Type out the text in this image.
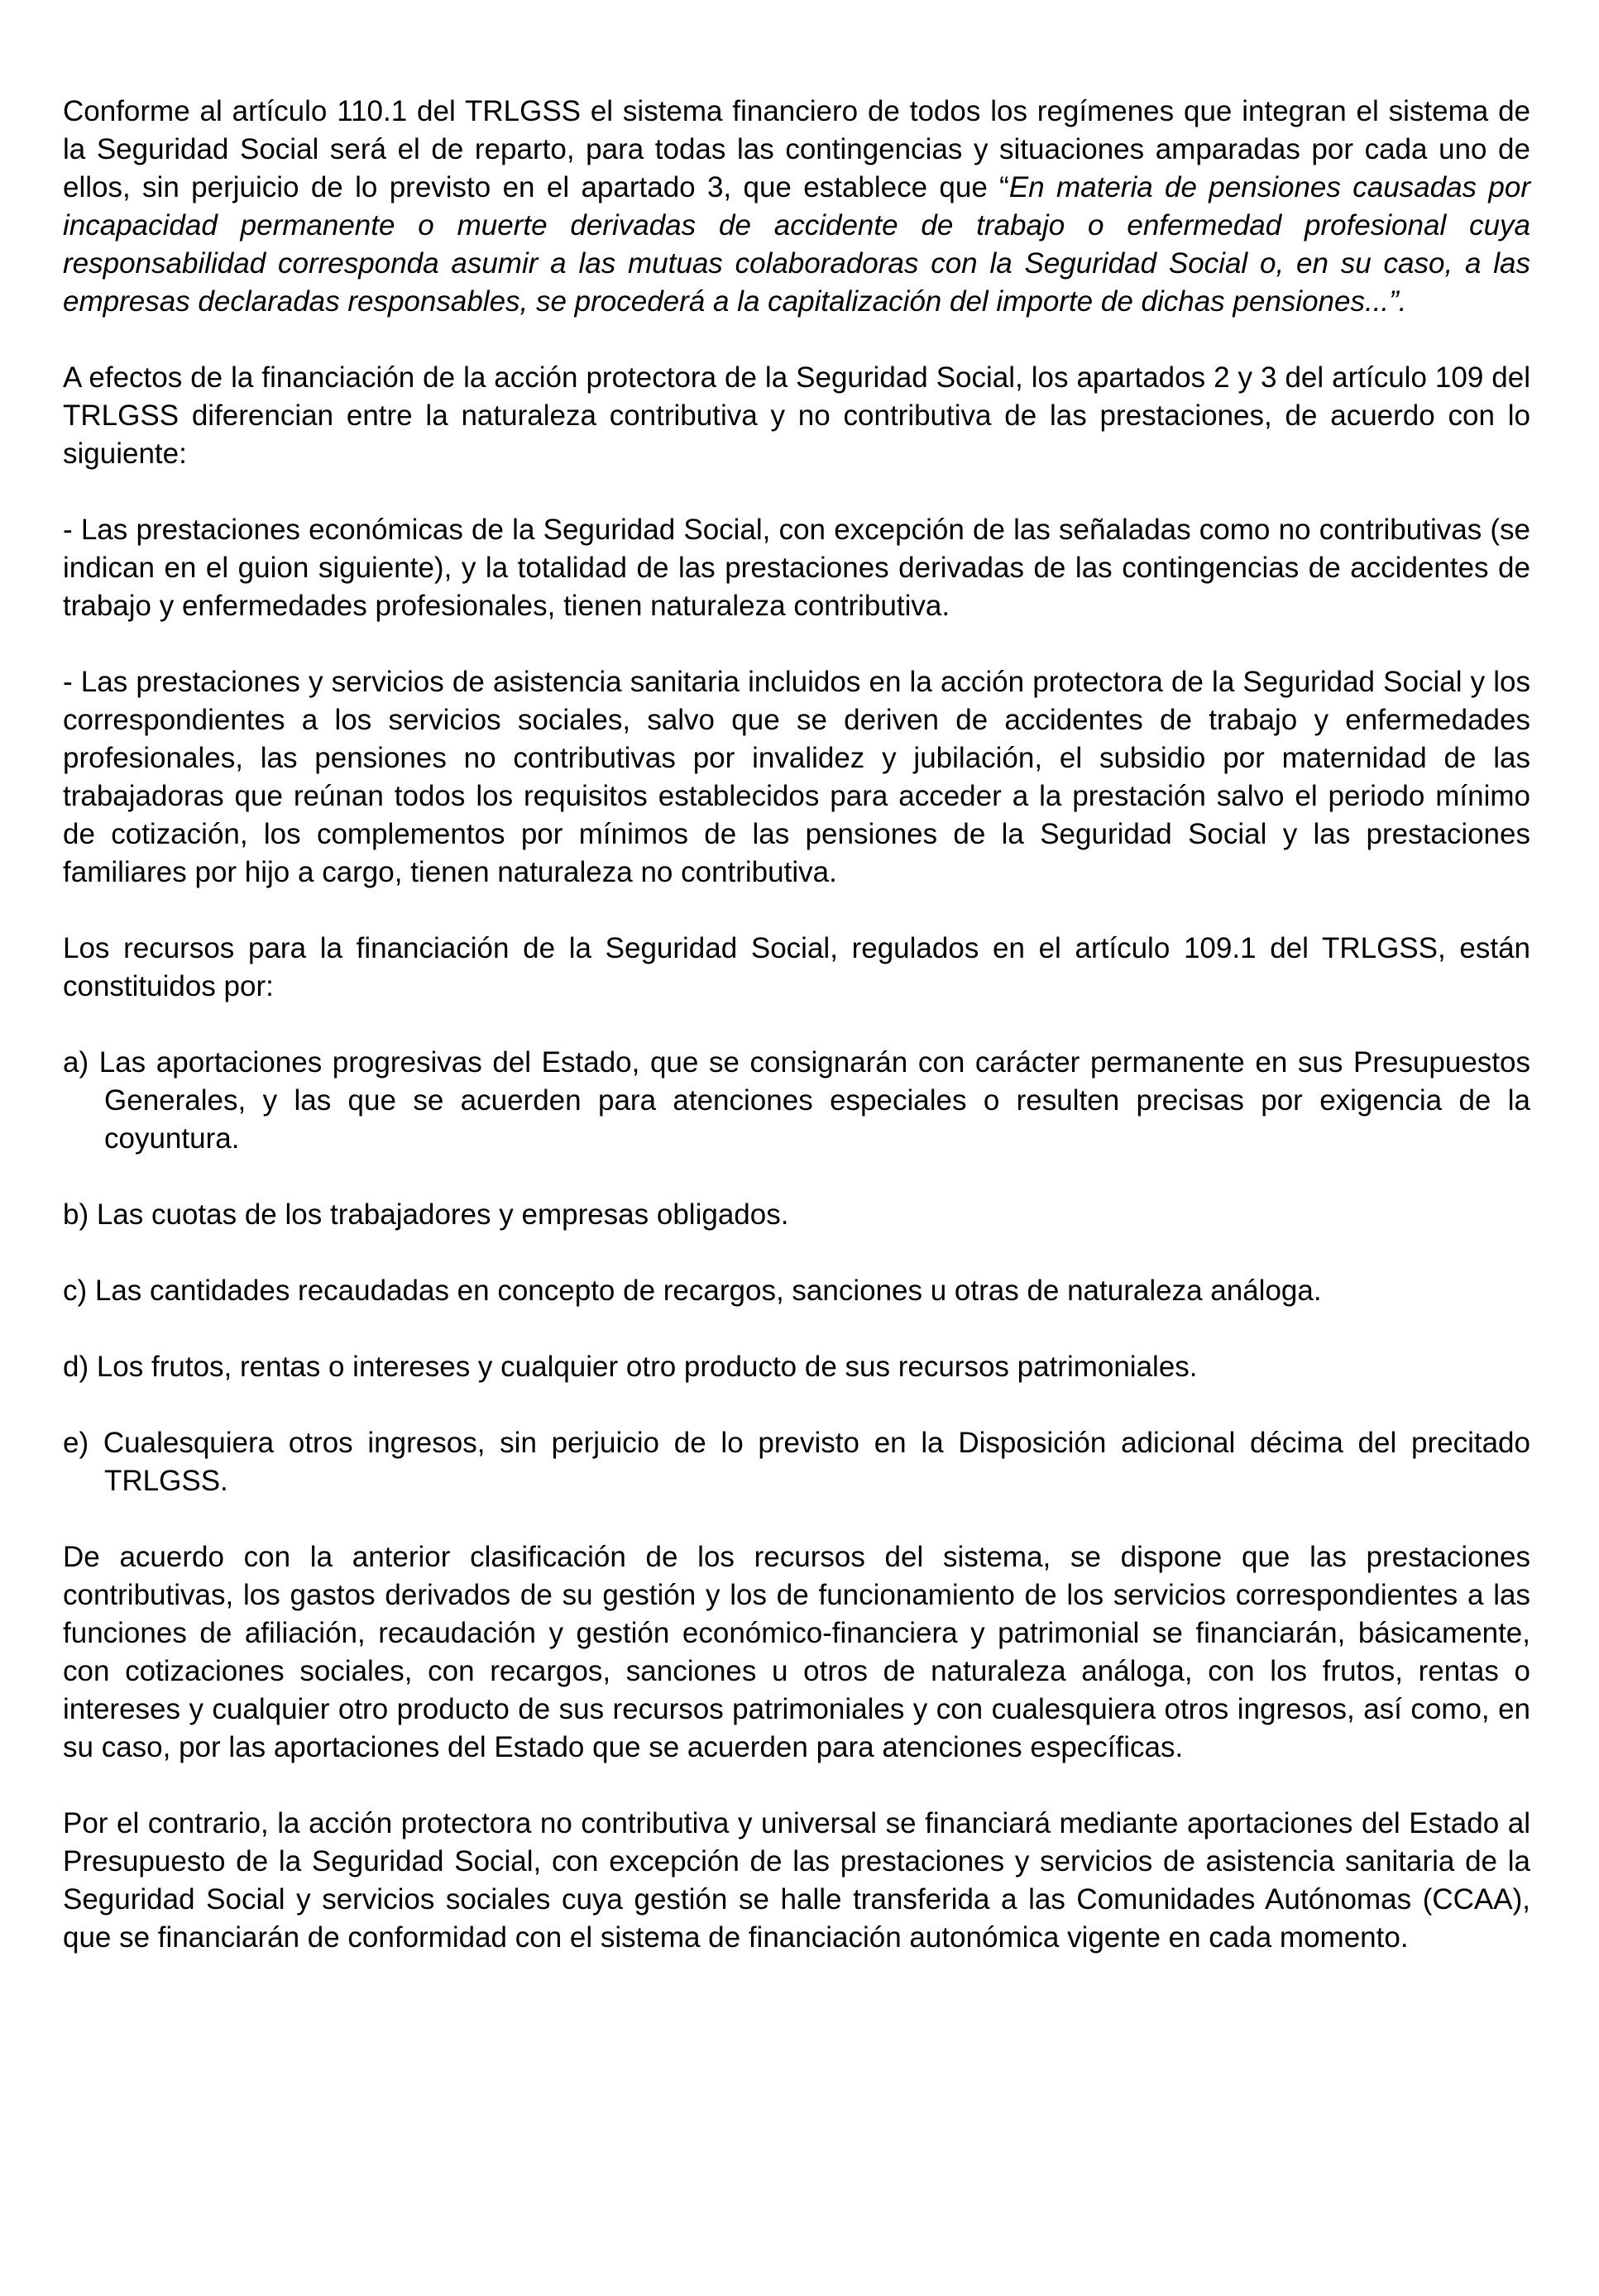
Conforme al artículo 110.1 del TRLGSS el sistema financiero de todos los regímenes que integran el sistema de la Seguridad Social será el de reparto, para todas las contingencias y situaciones amparadas por cada uno de ellos, sin perjuicio de lo previsto en el apartado 3, que establece que “En materia de pensiones causadas por incapacidad permanente o muerte derivadas de accidente de trabajo o enfermedad profesional cuya responsabilidad corresponda asumir a las mutuas colaboradoras con la Seguridad Social o, en su caso, a las empresas declaradas responsables, se procederá a la capitalización del importe de dichas pensiones...”.

A efectos de la financiación de la acción protectora de la Seguridad Social, los apartados 2 y 3 del artículo 109 del TRLGSS diferencian entre la naturaleza contributiva y no contributiva de las prestaciones, de acuerdo con lo siguiente:

- Las prestaciones económicas de la Seguridad Social, con excepción de las señaladas como no contributivas (se indican en el guion siguiente), y la totalidad de las prestaciones derivadas de las contingencias de accidentes de trabajo y enfermedades profesionales, tienen naturaleza contributiva.

- Las prestaciones y servicios de asistencia sanitaria incluidos en la acción protectora de la Seguridad Social y los correspondientes a los servicios sociales, salvo que se deriven de accidentes de trabajo y enfermedades profesionales, las pensiones no contributivas por invalidez y jubilación, el subsidio por maternidad de las trabajadoras que reúnan todos los requisitos establecidos para acceder a la prestación salvo el periodo mínimo de cotización, los complementos por mínimos de las pensiones de la Seguridad Social y las prestaciones familiares por hijo a cargo, tienen naturaleza no contributiva.

Los recursos para la financiación de la Seguridad Social, regulados en el artículo 109.1 del TRLGSS, están constituidos por:

a) Las aportaciones progresivas del Estado, que se consignarán con carácter permanente en sus Presupuestos Generales, y las que se acuerden para atenciones especiales o resulten precisas por exigencia de la coyuntura.

b) Las cuotas de los trabajadores y empresas obligados.

c) Las cantidades recaudadas en concepto de recargos, sanciones u otras de naturaleza análoga.

d) Los frutos, rentas o intereses y cualquier otro producto de sus recursos patrimoniales.

e) Cualesquiera otros ingresos, sin perjuicio de lo previsto en la Disposición adicional décima del precitado TRLGSS.

De acuerdo con la anterior clasificación de los recursos del sistema, se dispone que las prestaciones contributivas, los gastos derivados de su gestión y los de funcionamiento de los servicios correspondientes a las funciones de afiliación, recaudación y gestión económico-financiera y patrimonial se financiarán, básicamente, con cotizaciones sociales, con recargos, sanciones u otros de naturaleza análoga, con los frutos, rentas o intereses y cualquier otro producto de sus recursos patrimoniales y con cualesquiera otros ingresos, así como, en su caso, por las aportaciones del Estado que se acuerden para atenciones específicas.

Por el contrario, la acción protectora no contributiva y universal se financiará mediante aportaciones del Estado al Presupuesto de la Seguridad Social, con excepción de las prestaciones y servicios de asistencia sanitaria de la Seguridad Social y servicios sociales cuya gestión se halle transferida a las Comunidades Autónomas (CCAA), que se financiarán de conformidad con el sistema de financiación autonómica vigente en cada momento.
